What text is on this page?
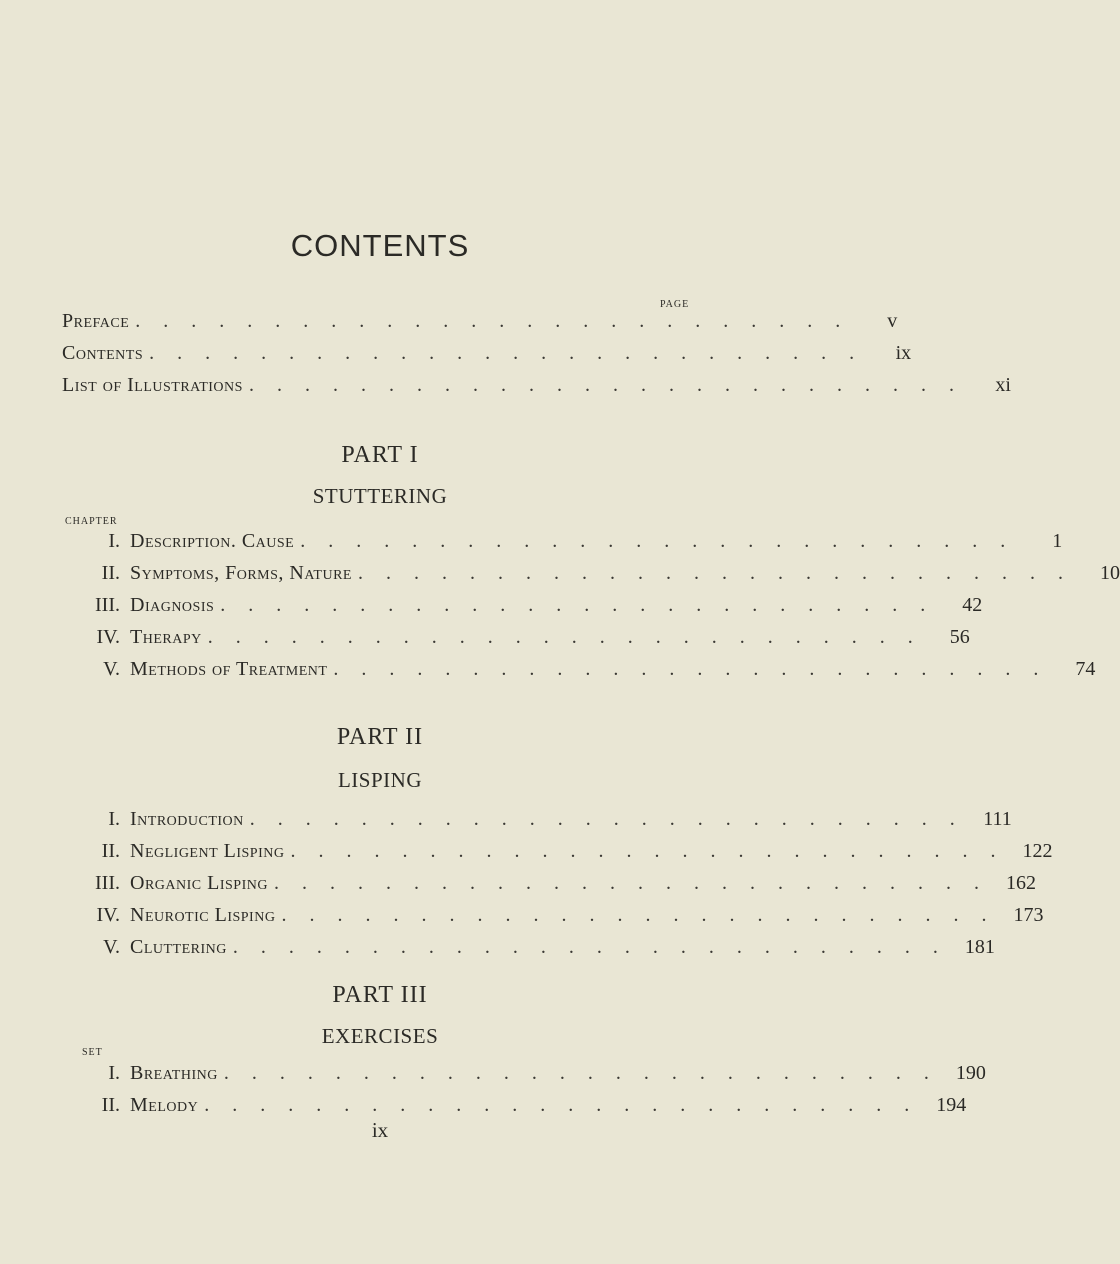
CONTENTS
PAGE
Preface . . . . . . . . . . . . . . . . . . . . . . . . . .	v
Contents . . . . . . . . . . . . . . . . . . . . . . . . . .	ix
List of Illustrations . . . . . . . . . . . . . . . . . . . . . . . . . .	xi
PART I
STUTTERING
CHAPTER
I. Description. Cause . . . . . . . . . . . . . . . . . . . . . . . . . .	1
II. Symptoms, Forms, Nature . . . . . . . . . . . . . . . . . . . . . . . . . .	10
III. Diagnosis . . . . . . . . . . . . . . . . . . . . . . . . . .	42
IV. Therapy . . . . . . . . . . . . . . . . . . . . . . . . . .	56
V. Methods of Treatment . . . . . . . . . . . . . . . . . . . . . . . . . .	74
PART II
LISPING
I. Introduction . . . . . . . . . . . . . . . . . . . . . . . . . . 111
II. Negligent Lisping . . . . . . . . . . . . . . . . . . . . . . . . . . 122
III. Organic Lisping . . . . . . . . . . . . . . . . . . . . . . . . . . 162
IV. Neurotic Lisping . . . . . . . . . . . . . . . . . . . . . . . . . . 173
V. Cluttering . . . . . . . . . . . . . . . . . . . . . . . . . . 181
PART III
EXERCISES
SET
I. Breathing . . . . . . . . . . . . . . . . . . . . . . . . . . 190
II. Melody . . . . . . . . . . . . . . . . . . . . . . . . . . 194
ix
